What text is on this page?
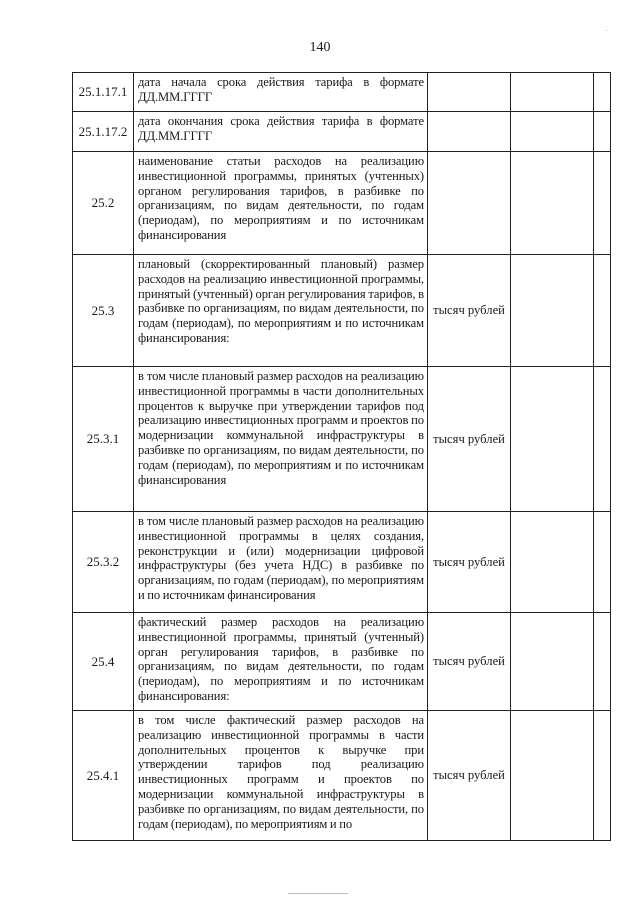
140
25.1.17.1	дата начала срока действия тарифа в формате ДД.ММ.ГГГГ			

25.1.17.2	дата окончания срока действия тарифа в формате ДД.ММ.ГГГГ			

25.2	наименование статьи расходов на реализацию инвестиционной программы, принятых (учтенных) органом регулирования тарифов, в разбивке по организациям, по видам деятельности, по годам (периодам), по мероприятиям и по источникам финансирования			

25.3	плановый (скорректированный плановый) размер расходов на реализацию инвестиционной программы, принятый (учтенный) орган регулирования тарифов, в разбивке по организациям, по видам деятельности, по годам (периодам), по мероприятиям и по источникам финансирования:	тысяч рублей		
25.3.1	в том числе плановый размер расходов на реализацию инвестиционной программы в части дополнительных процентов к выручке при утверждении тарифов под реализацию инвестиционных программ и проектов по модернизации коммунальной инфраструктуры в разбивке по организациям, по видам деятельности, по годам (периодам), по мероприятиям и по источникам финансирования	тысяч рублей		
25.3.2	в том числе плановый размер расходов на реализацию инвестиционной программы в целях создания, реконструкции и (или) модернизации цифровой инфраструктуры (без учета НДС) в разбивке по организациям, по годам (периодам), по мероприятиям и по источникам финансирования	тысяч рублей		
25.4	фактический размер расходов на реализацию инвестиционной программы, принятый (учтенный) орган регулирования тарифов, в разбивке по организациям, по видам деятельности, по годам (периодам), по мероприятиям и по источникам финансирования:	тысяч рублей		
25.4.1	в том числе фактический размер расходов на реализацию инвестиционной программы в части дополнительных процентов к выручке при утверждении тарифов под реализацию инвестиционных программ и проектов по модернизации коммунальной инфраструктуры в разбивке по организациям, по видам деятельности, по годам (периодам), по мероприятиям и по	тысяч рублей		
